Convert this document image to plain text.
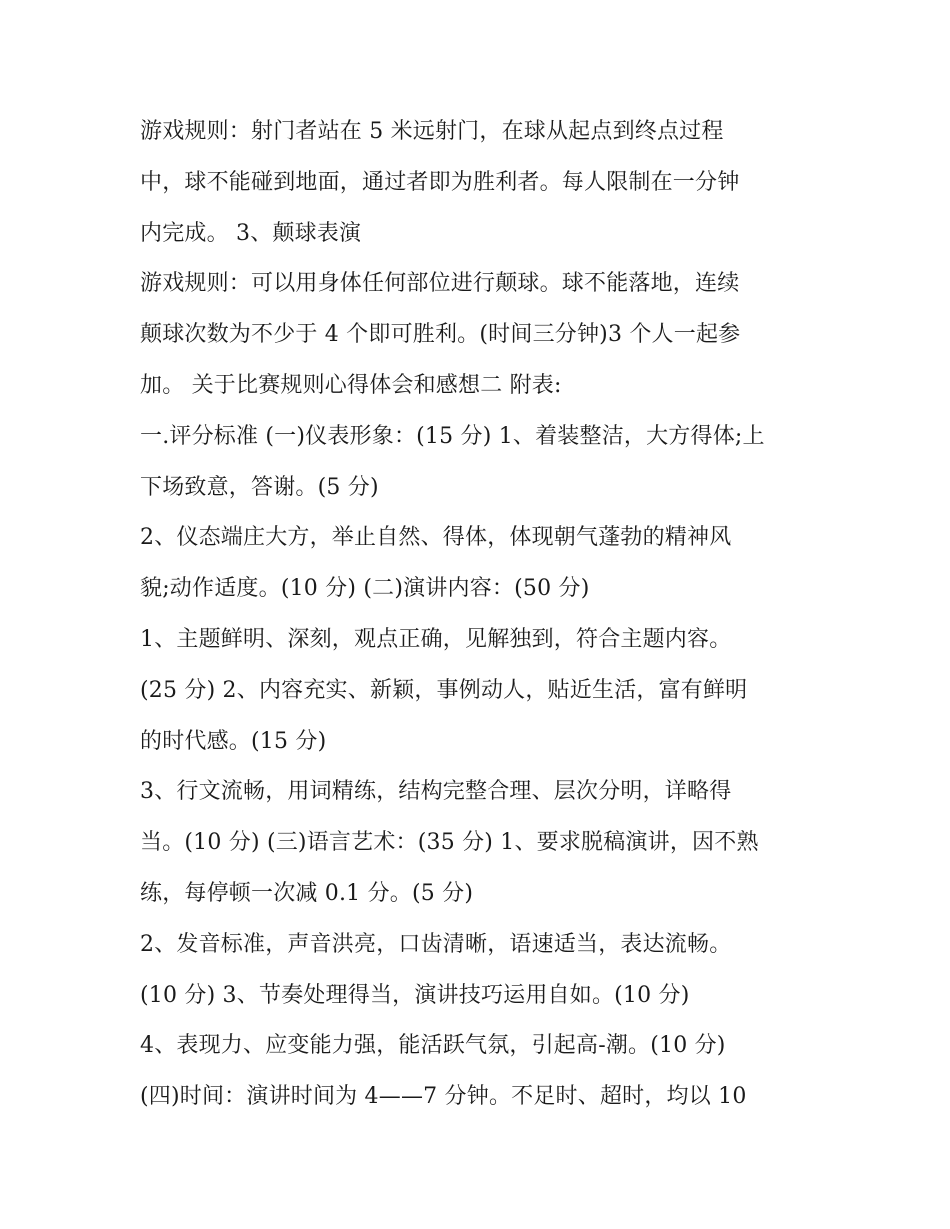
游戏规则：射门者站在 5 米远射门，在球从起点到终点过程
中，球不能碰到地面，通过者即为胜利者。每人限制在一分钟
内完成。 3、颠球表演
游戏规则：可以用身体任何部位进行颠球。球不能落地，连续
颠球次数为不少于 4 个即可胜利。(时间三分钟)3 个人一起参
加。 关于比赛规则心得体会和感想二 附表:
一.评分标准 (一)仪表形象：(15 分) 1、着装整洁，大方得体;上
下场致意，答谢。(5 分)
2、仪态端庄大方，举止自然、得体，体现朝气蓬勃的精神风
貌;动作适度。(10 分) (二)演讲内容：(50 分)
1、主题鲜明、深刻，观点正确，见解独到，符合主题内容。
(25 分) 2、内容充实、新颖，事例动人，贴近生活，富有鲜明
的时代感。(15 分)
3、行文流畅，用词精练，结构完整合理、层次分明，详略得
当。(10 分) (三)语言艺术：(35 分) 1、要求脱稿演讲，因不熟
练，每停顿一次减 0.1 分。(5 分)
2、发音标准，声音洪亮，口齿清晰，语速适当，表达流畅。
(10 分) 3、节奏处理得当，演讲技巧运用自如。(10 分)
4、表现力、应变能力强，能活跃气氛，引起高-潮。(10 分)
(四)时间：演讲时间为 4——7 分钟。不足时、超时，均以 10
